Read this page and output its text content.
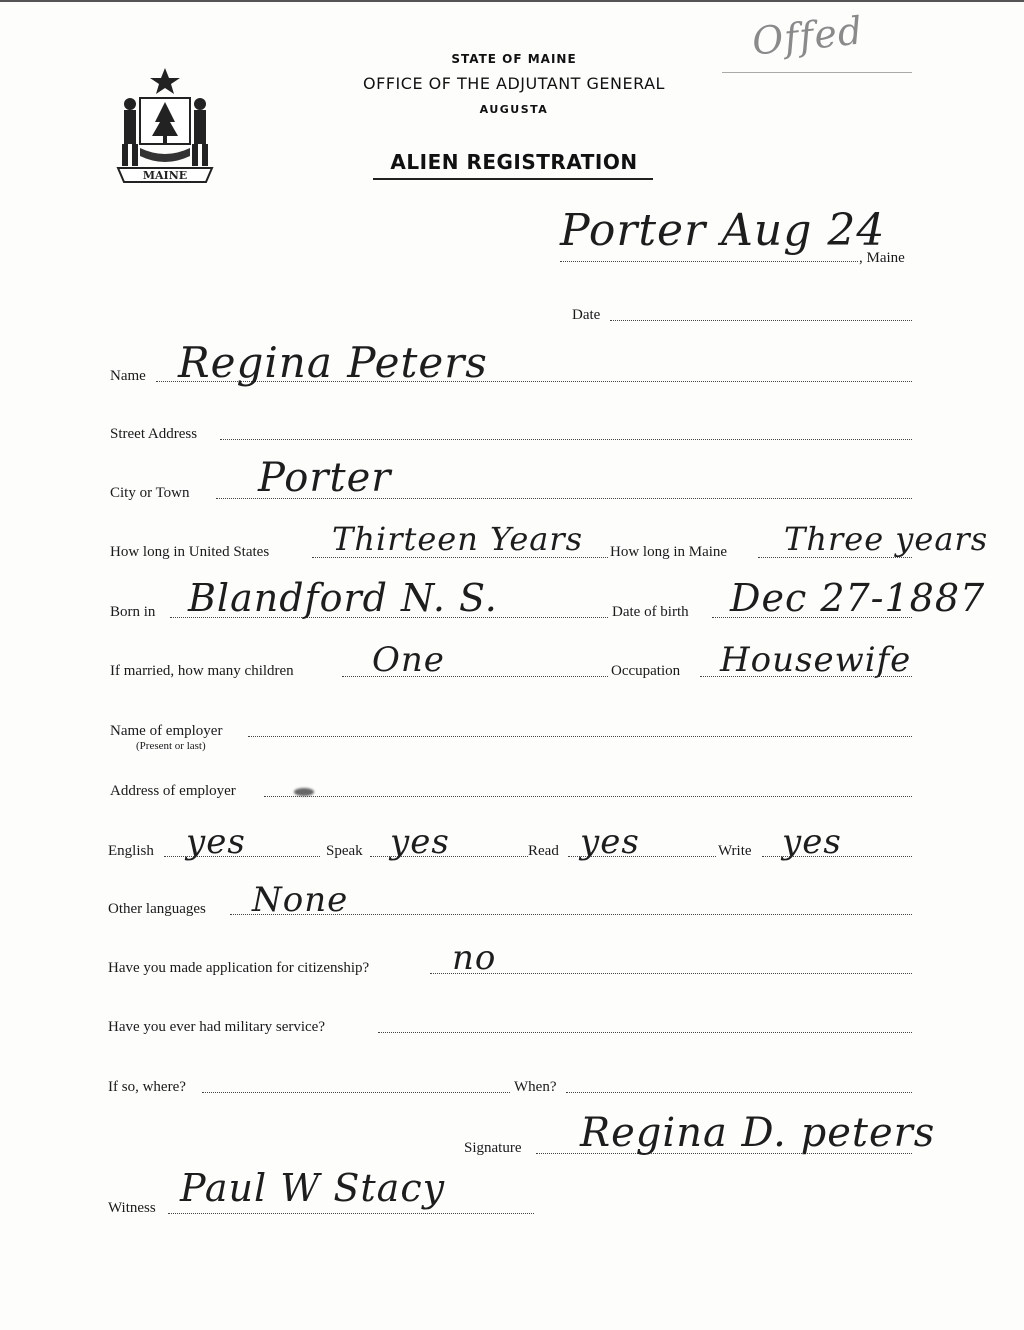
Offed
MAINE
STATE OF MAINE
OFFICE OF THE ADJUTANT GENERAL
AUGUSTA
ALIEN REGISTRATION
Porter Aug 24
, Maine
Date
Name Regina Peters
Street Address
City or Town Porter
How long in United States Thirteen Years How long in Maine Three years
Born in Blandford N. S.	Date of birth Dec 27-1887
If married, how many children One	Occupation Housewife
Name of employer
(Present or last)
Address of employer
English yes	Speak yes	Read yes	Write yes
Other languages None
Have you made application for citizenship? no
Have you ever had military service?
If so, where?	When?
Signature Regina D. peters
Witness Paul W Stacy
